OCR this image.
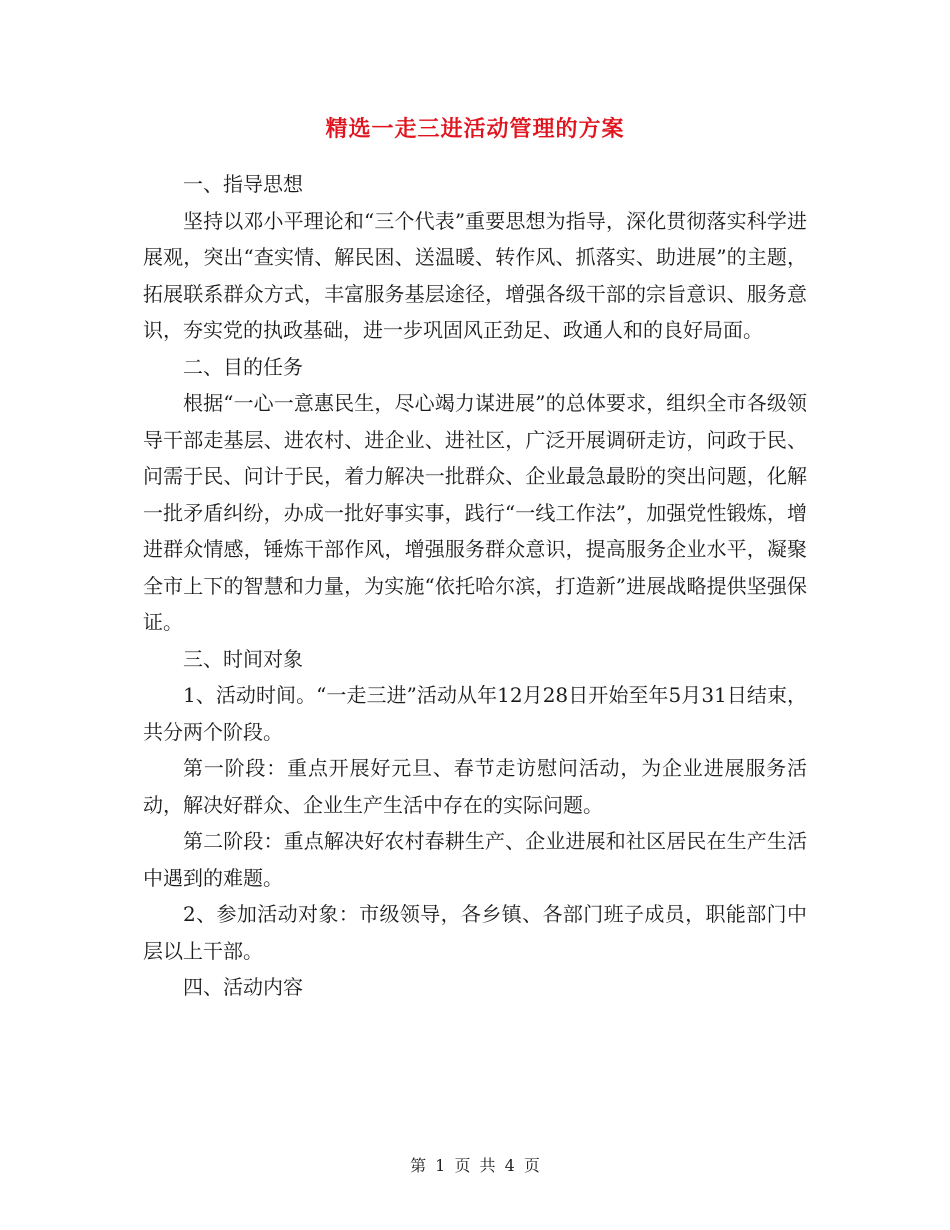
精选一走三进活动管理的方案

一、指导思想

坚持以邓小平理论和“三个代表”重要思想为指导，深化贯彻落实科学进展观，突出“查实情、解民困、送温暖、转作风、抓落实、助进展”的主题，拓展联系群众方式，丰富服务基层途径，增强各级干部的宗旨意识、服务意识，夯实党的执政基础，进一步巩固风正劲足、政通人和的良好局面。

二、目的任务

根据“一心一意惠民生，尽心竭力谋进展”的总体要求，组织全市各级领导干部走基层、进农村、进企业、进社区，广泛开展调研走访，问政于民、问需于民、问计于民，着力解决一批群众、企业最急最盼的突出问题，化解一批矛盾纠纷，办成一批好事实事，践行“一线工作法”，加强党性锻炼，增进群众情感，锤炼干部作风，增强服务群众意识，提高服务企业水平，凝聚全市上下的智慧和力量，为实施“依托哈尔滨，打造新”进展战略提供坚强保证。

三、时间对象

1、活动时间。“一走三进”活动从年12月28日开始至年5月31日结束，共分两个阶段。

第一阶段：重点开展好元旦、春节走访慰问活动，为企业进展服务活动，解决好群众、企业生产生活中存在的实际问题。

第二阶段：重点解决好农村春耕生产、企业进展和社区居民在生产生活中遇到的难题。

2、参加活动对象：市级领导，各乡镇、各部门班子成员，职能部门中层以上干部。

四、活动内容

第 1 页 共 4 页
